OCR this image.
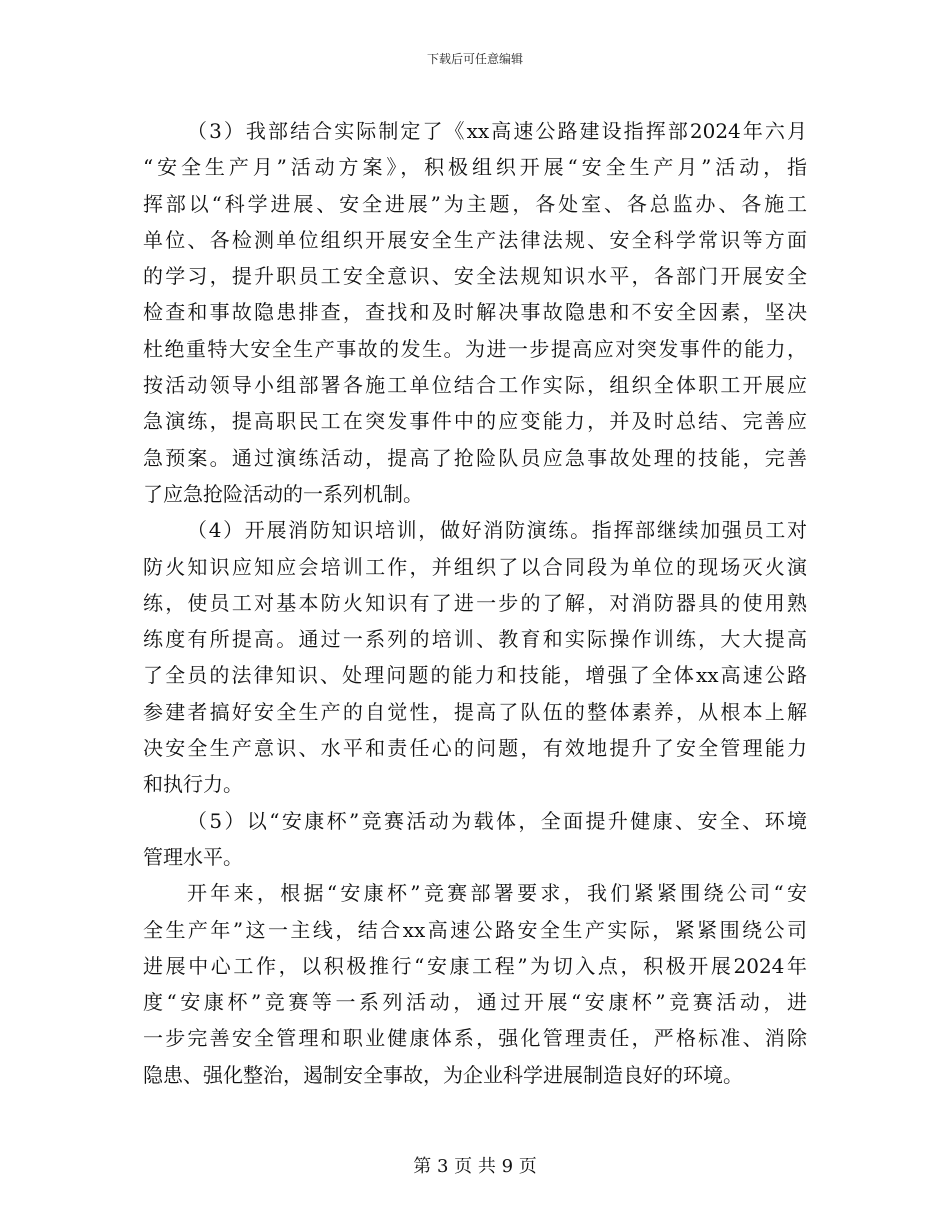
下载后可任意编辑
（3）我部结合实际制定了《xx高速公路建设指挥部2024年六月
“安全生产月”活动方案》，积极组织开展“安全生产月”活动，指
挥部以“科学进展、安全进展”为主题，各处室、各总监办、各施工
单位、各检测单位组织开展安全生产法律法规、安全科学常识等方面
的学习，提升职员工安全意识、安全法规知识水平，各部门开展安全
检查和事故隐患排查，查找和及时解决事故隐患和不安全因素，坚决
杜绝重特大安全生产事故的发生。为进一步提高应对突发事件的能力，
按活动领导小组部署各施工单位结合工作实际，组织全体职工开展应
急演练，提高职民工在突发事件中的应变能力，并及时总结、完善应
急预案。通过演练活动，提高了抢险队员应急事故处理的技能，完善
了应急抢险活动的一系列机制。
（4）开展消防知识培训，做好消防演练。指挥部继续加强员工对
防火知识应知应会培训工作，并组织了以合同段为单位的现场灭火演
练，使员工对基本防火知识有了进一步的了解，对消防器具的使用熟
练度有所提高。通过一系列的培训、教育和实际操作训练，大大提高
了全员的法律知识、处理问题的能力和技能，增强了全体xx高速公路
参建者搞好安全生产的自觉性，提高了队伍的整体素养，从根本上解
决安全生产意识、水平和责任心的问题，有效地提升了安全管理能力
和执行力。
（5）以“安康杯”竞赛活动为载体，全面提升健康、安全、环境
管理水平。
开年来，根据“安康杯”竞赛部署要求，我们紧紧围绕公司“安
全生产年”这一主线，结合xx高速公路安全生产实际，紧紧围绕公司
进展中心工作，以积极推行“安康工程”为切入点，积极开展2024年
度“安康杯”竞赛等一系列活动，通过开展“安康杯”竞赛活动，进
一步完善安全管理和职业健康体系，强化管理责任，严格标准、消除
隐患、强化整治，遏制安全事故，为企业科学进展制造良好的环境。
第 3 页 共 9 页
